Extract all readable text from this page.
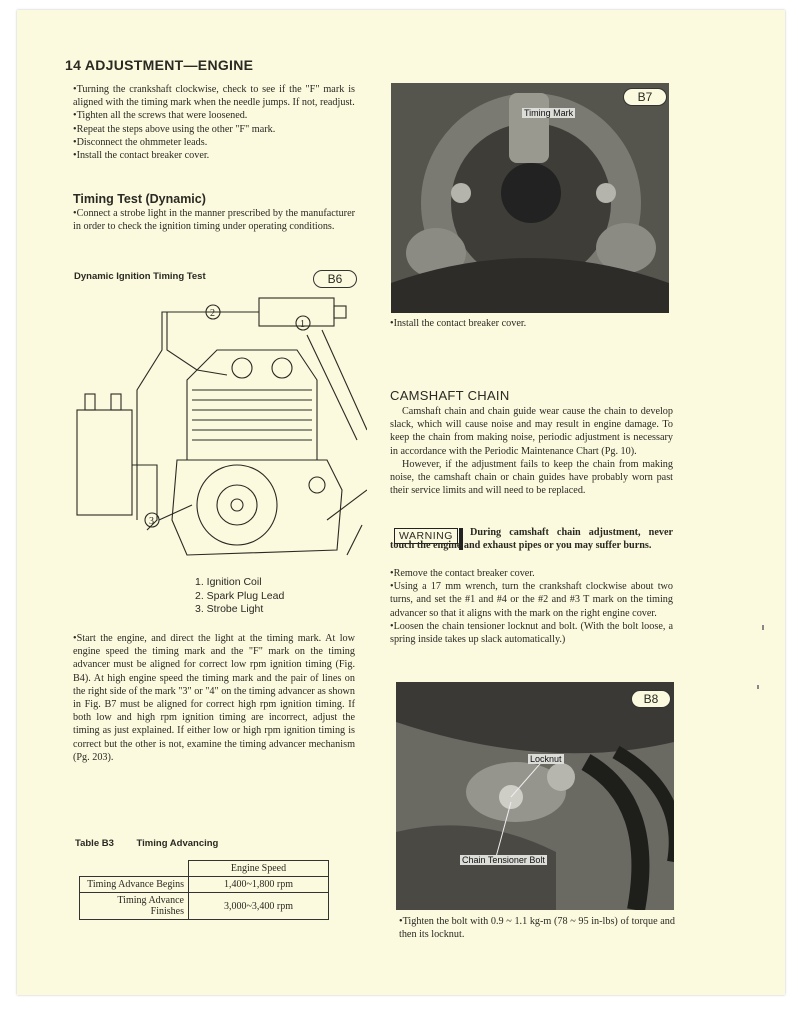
14 ADJUSTMENT—ENGINE

•Turning the crankshaft clockwise, check to see if the "F" mark is aligned with the timing mark when the needle jumps. If not, readjust.

•Tighten all the screws that were loosened.

•Repeat the steps above using the other "F" mark.

•Disconnect the ohmmeter leads.

•Install the contact breaker cover.

Timing Test (Dynamic)
•Connect a strobe light in the manner prescribed by the manufacturer in order to check the ignition timing under operating conditions.
Dynamic Ignition Timing Test	B6
2
1
3
1. Ignition Coil
2. Spark Plug Lead
3. Strobe Light
•Start the engine, and direct the light at the timing mark. At low engine speed the timing mark and the "F" mark on the timing advancer must be aligned for correct low rpm ignition timing (Fig. B4). At high engine speed the timing mark and the pair of lines on the right side of the mark "3" or "4" on the timing advancer as shown in Fig. B7 must be aligned for correct high rpm ignition timing. If both low and high rpm ignition timing are incorrect, adjust the timing as just explained. If either low or high rpm ignition timing is correct but the other is not, examine the timing advancer mechanism (Pg. 203).
Table B3 Timing Advancing
	Engine Speed
Timing Advance Begins	1,400~1,800 rpm
Timing Advance Finishes	3,000~3,400 rpm
Timing Mark
B7
•Install the contact breaker cover.
CAMSHAFT CHAIN

Camshaft chain and chain guide wear cause the chain to develop slack, which will cause noise and may result in engine damage. To keep the chain from making noise, periodic adjustment is necessary in accordance with the Periodic Maintenance Chart (Pg. 10).

However, if the adjustment fails to keep the chain from making noise, the camshaft chain or chain guides have probably worn past their service limits and will need to be replaced.

WARNING	During camshaft chain adjustment, never touch the engine and exhaust pipes or you may suffer burns.

•Remove the contact breaker cover.

•Using a 17 mm wrench, turn the crankshaft clockwise about two turns, and set the #1 and #4 or the #2 and #3 T mark on the timing advancer so that it aligns with the mark on the right engine cover.

•Loosen the chain tensioner locknut and bolt. (With the bolt loose, a spring inside takes up slack automatically.)

B8
Locknut
Chain Tensioner Bolt
•Tighten the bolt with 0.9 ~ 1.1 kg-m (78 ~ 95 in-lbs) of torque and then its locknut.
